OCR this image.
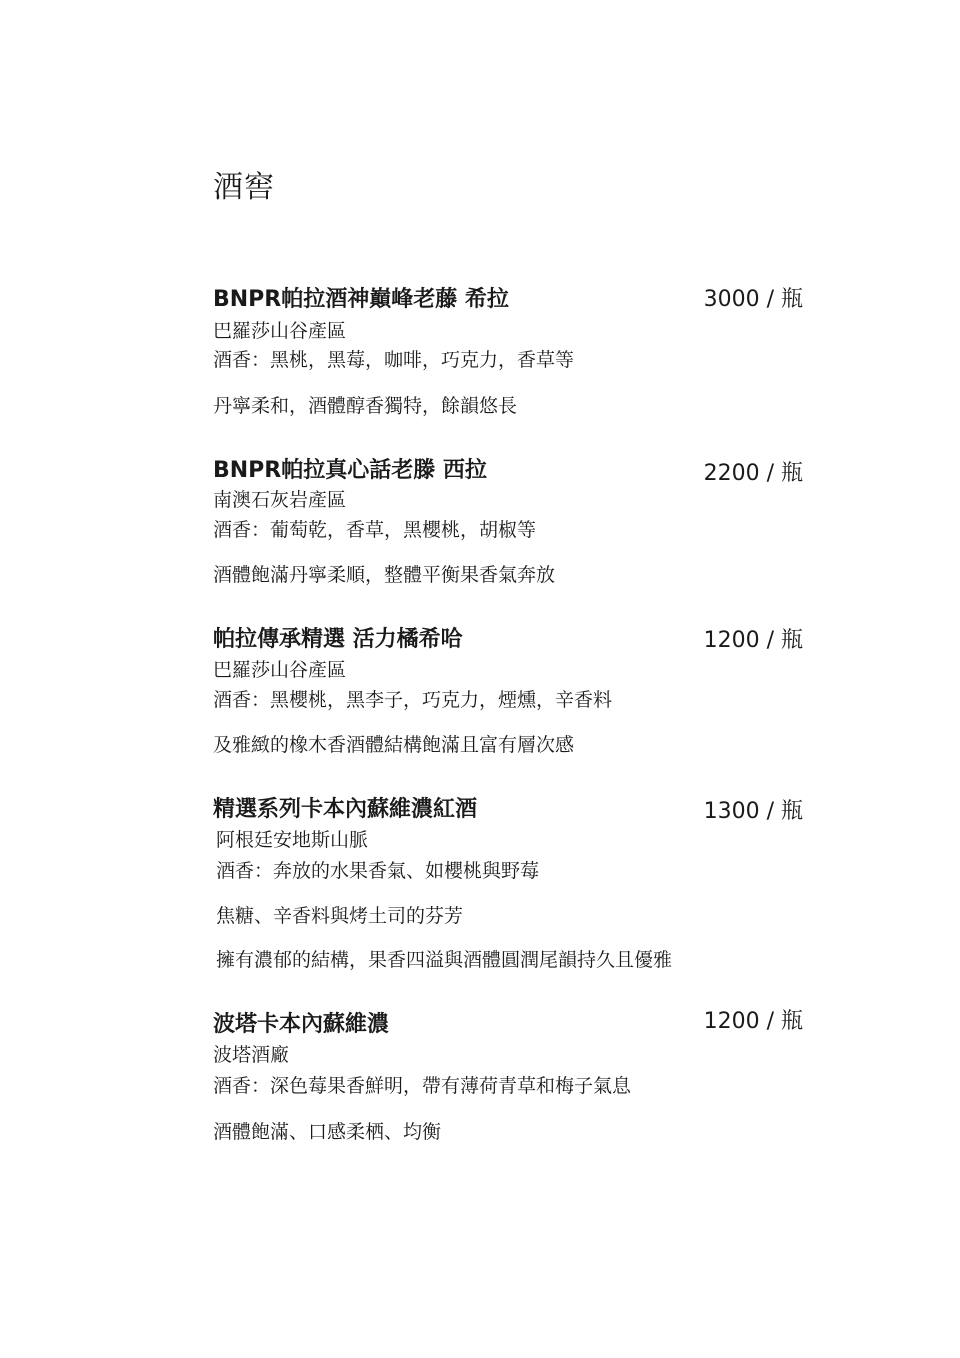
酒窖
BNPR帕拉酒神巔峰老藤 希拉	3000 / 瓶
巴羅莎山谷產區
酒香：黑桃，黑莓，咖啡，巧克力，香草等
丹寧柔和，酒體醇香獨特，餘韻悠長
BNPR帕拉真心話老滕 西拉	2200 / 瓶
南澳石灰岩產區
酒香：葡萄乾，香草，黑櫻桃，胡椒等
酒體飽滿丹寧柔順，整體平衡果香氣奔放
帕拉傳承精選 活力橘希哈	1200 / 瓶
巴羅莎山谷產區
酒香：黑櫻桃，黑李子，巧克力，煙燻，辛香料
及雅緻的橡木香酒體結構飽滿且富有層次感
精選系列卡本內蘇維濃紅酒	1300 / 瓶
阿根廷安地斯山脈
酒香：奔放的水果香氣、如櫻桃與野莓
焦糖、辛香料與烤土司的芬芳
擁有濃郁的結構，果香四溢與酒體圓潤尾韻持久且優雅
波塔卡本內蘇維濃	1200 / 瓶
波塔酒廠
酒香：深色莓果香鮮明，帶有薄荷青草和梅子氣息
酒體飽滿、口感柔栖、均衡
